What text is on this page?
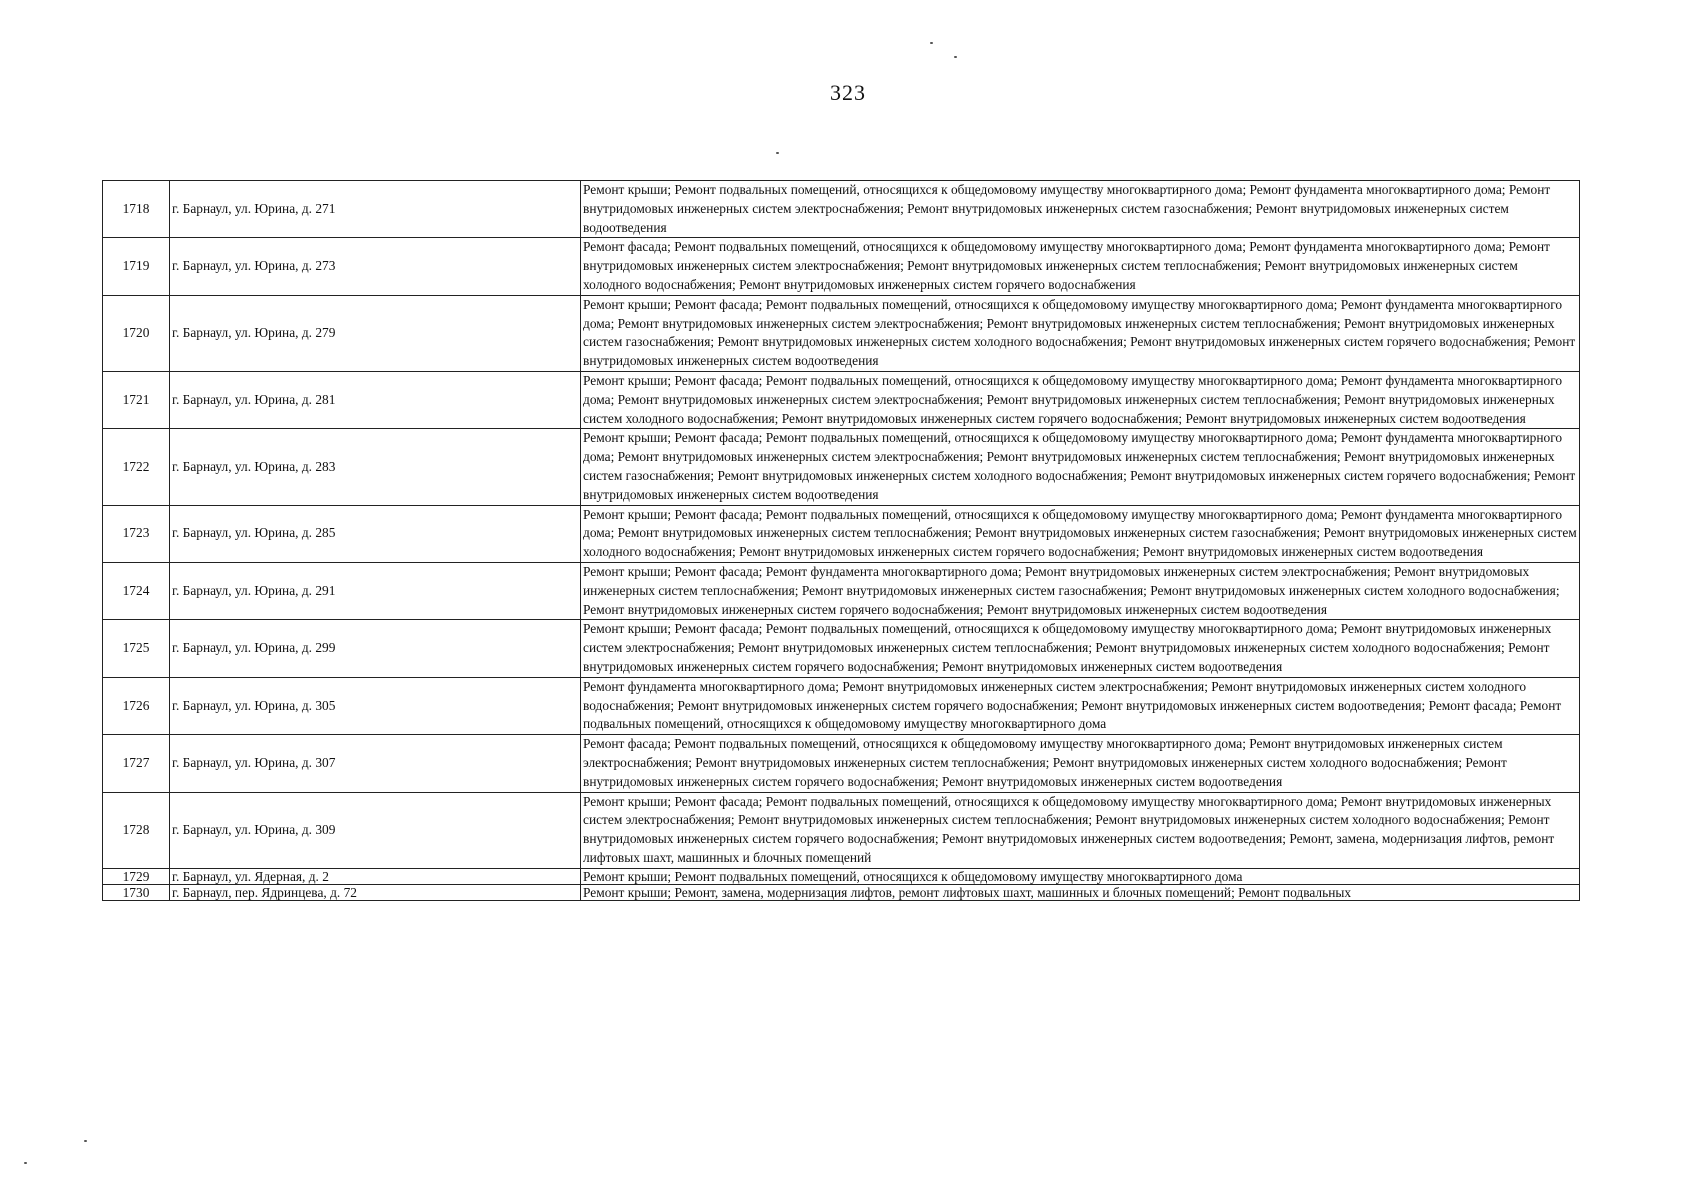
323
1718	г. Барнаул, ул. Юрина, д. 271	Ремонт крыши; Ремонт подвальных помещений, относящихся к общедомовому имуществу многоквартирного дома; Ремонт фундамента многоквартирного дома; Ремонт внутридомовых инженерных систем электроснабжения; Ремонт внутридомовых инженерных систем газоснабжения; Ремонт внутридомовых инженерных систем водоотведения
1719	г. Барнаул, ул. Юрина, д. 273	Ремонт фасада; Ремонт подвальных помещений, относящихся к общедомовому имуществу многоквартирного дома; Ремонт фундамента многоквартирного дома; Ремонт внутридомовых инженерных систем электроснабжения; Ремонт внутридомовых инженерных систем теплоснабжения; Ремонт внутридомовых инженерных систем холодного водоснабжения; Ремонт внутридомовых инженерных систем горячего водоснабжения
1720	г. Барнаул, ул. Юрина, д. 279	Ремонт крыши; Ремонт фасада; Ремонт подвальных помещений, относящихся к общедомовому имуществу многоквартирного дома; Ремонт фундамента многоквартирного дома; Ремонт внутридомовых инженерных систем электроснабжения; Ремонт внутридомовых инженерных систем теплоснабжения; Ремонт внутридомовых инженерных систем газоснабжения; Ремонт внутридомовых инженерных систем холодного водоснабжения; Ремонт внутридомовых инженерных систем горячего водоснабжения; Ремонт внутридомовых инженерных систем водоотведения
1721	г. Барнаул, ул. Юрина, д. 281	Ремонт крыши; Ремонт фасада; Ремонт подвальных помещений, относящихся к общедомовому имуществу многоквартирного дома; Ремонт фундамента многоквартирного дома; Ремонт внутридомовых инженерных систем электроснабжения; Ремонт внутридомовых инженерных систем теплоснабжения; Ремонт внутридомовых инженерных систем холодного водоснабжения; Ремонт внутридомовых инженерных систем горячего водоснабжения; Ремонт внутридомовых инженерных систем водоотведения
1722	г. Барнаул, ул. Юрина, д. 283	Ремонт крыши; Ремонт фасада; Ремонт подвальных помещений, относящихся к общедомовому имуществу многоквартирного дома; Ремонт фундамента многоквартирного дома; Ремонт внутридомовых инженерных систем электроснабжения; Ремонт внутридомовых инженерных систем теплоснабжения; Ремонт внутридомовых инженерных систем газоснабжения; Ремонт внутридомовых инженерных систем холодного водоснабжения; Ремонт внутридомовых инженерных систем горячего водоснабжения; Ремонт внутридомовых инженерных систем водоотведения
1723	г. Барнаул, ул. Юрина, д. 285	Ремонт крыши; Ремонт фасада; Ремонт подвальных помещений, относящихся к общедомовому имуществу многоквартирного дома; Ремонт фундамента многоквартирного дома; Ремонт внутридомовых инженерных систем теплоснабжения; Ремонт внутридомовых инженерных систем газоснабжения; Ремонт внутридомовых инженерных систем холодного водоснабжения; Ремонт внутридомовых инженерных систем горячего водоснабжения; Ремонт внутридомовых инженерных систем водоотведения
1724	г. Барнаул, ул. Юрина, д. 291	Ремонт крыши; Ремонт фасада; Ремонт фундамента многоквартирного дома; Ремонт внутридомовых инженерных систем электроснабжения; Ремонт внутридомовых инженерных систем теплоснабжения; Ремонт внутридомовых инженерных систем газоснабжения; Ремонт внутридомовых инженерных систем холодного водоснабжения; Ремонт внутридомовых инженерных систем горячего водоснабжения; Ремонт внутридомовых инженерных систем водоотведения
1725	г. Барнаул, ул. Юрина, д. 299	Ремонт крыши; Ремонт фасада; Ремонт подвальных помещений, относящихся к общедомовому имуществу многоквартирного дома; Ремонт внутридомовых инженерных систем электроснабжения; Ремонт внутридомовых инженерных систем теплоснабжения; Ремонт внутридомовых инженерных систем холодного водоснабжения; Ремонт внутридомовых инженерных систем горячего водоснабжения; Ремонт внутридомовых инженерных систем водоотведения
1726	г. Барнаул, ул. Юрина, д. 305	Ремонт фундамента многоквартирного дома; Ремонт внутридомовых инженерных систем электроснабжения; Ремонт внутридомовых инженерных систем холодного водоснабжения; Ремонт внутридомовых инженерных систем горячего водоснабжения; Ремонт внутридомовых инженерных систем водоотведения; Ремонт фасада; Ремонт подвальных помещений, относящихся к общедомовому имуществу многоквартирного дома
1727	г. Барнаул, ул. Юрина, д. 307	Ремонт фасада; Ремонт подвальных помещений, относящихся к общедомовому имуществу многоквартирного дома; Ремонт внутридомовых инженерных систем электроснабжения; Ремонт внутридомовых инженерных систем теплоснабжения; Ремонт внутридомовых инженерных систем холодного водоснабжения; Ремонт внутридомовых инженерных систем горячего водоснабжения; Ремонт внутридомовых инженерных систем водоотведения
1728	г. Барнаул, ул. Юрина, д. 309	Ремонт крыши; Ремонт фасада; Ремонт подвальных помещений, относящихся к общедомовому имуществу многоквартирного дома; Ремонт внутридомовых инженерных систем электроснабжения; Ремонт внутридомовых инженерных систем теплоснабжения; Ремонт внутридомовых инженерных систем холодного водоснабжения; Ремонт внутридомовых инженерных систем горячего водоснабжения; Ремонт внутридомовых инженерных систем водоотведения; Ремонт, замена, модернизация лифтов, ремонт лифтовых шахт, машинных и блочных помещений
1729	г. Барнаул, ул. Ядерная, д. 2	Ремонт крыши; Ремонт подвальных помещений, относящихся к общедомовому имуществу многоквартирного дома
1730	г. Барнаул, пер. Ядринцева, д. 72	Ремонт крыши; Ремонт, замена, модернизация лифтов, ремонт лифтовых шахт, машинных и блочных помещений; Ремонт подвальных
